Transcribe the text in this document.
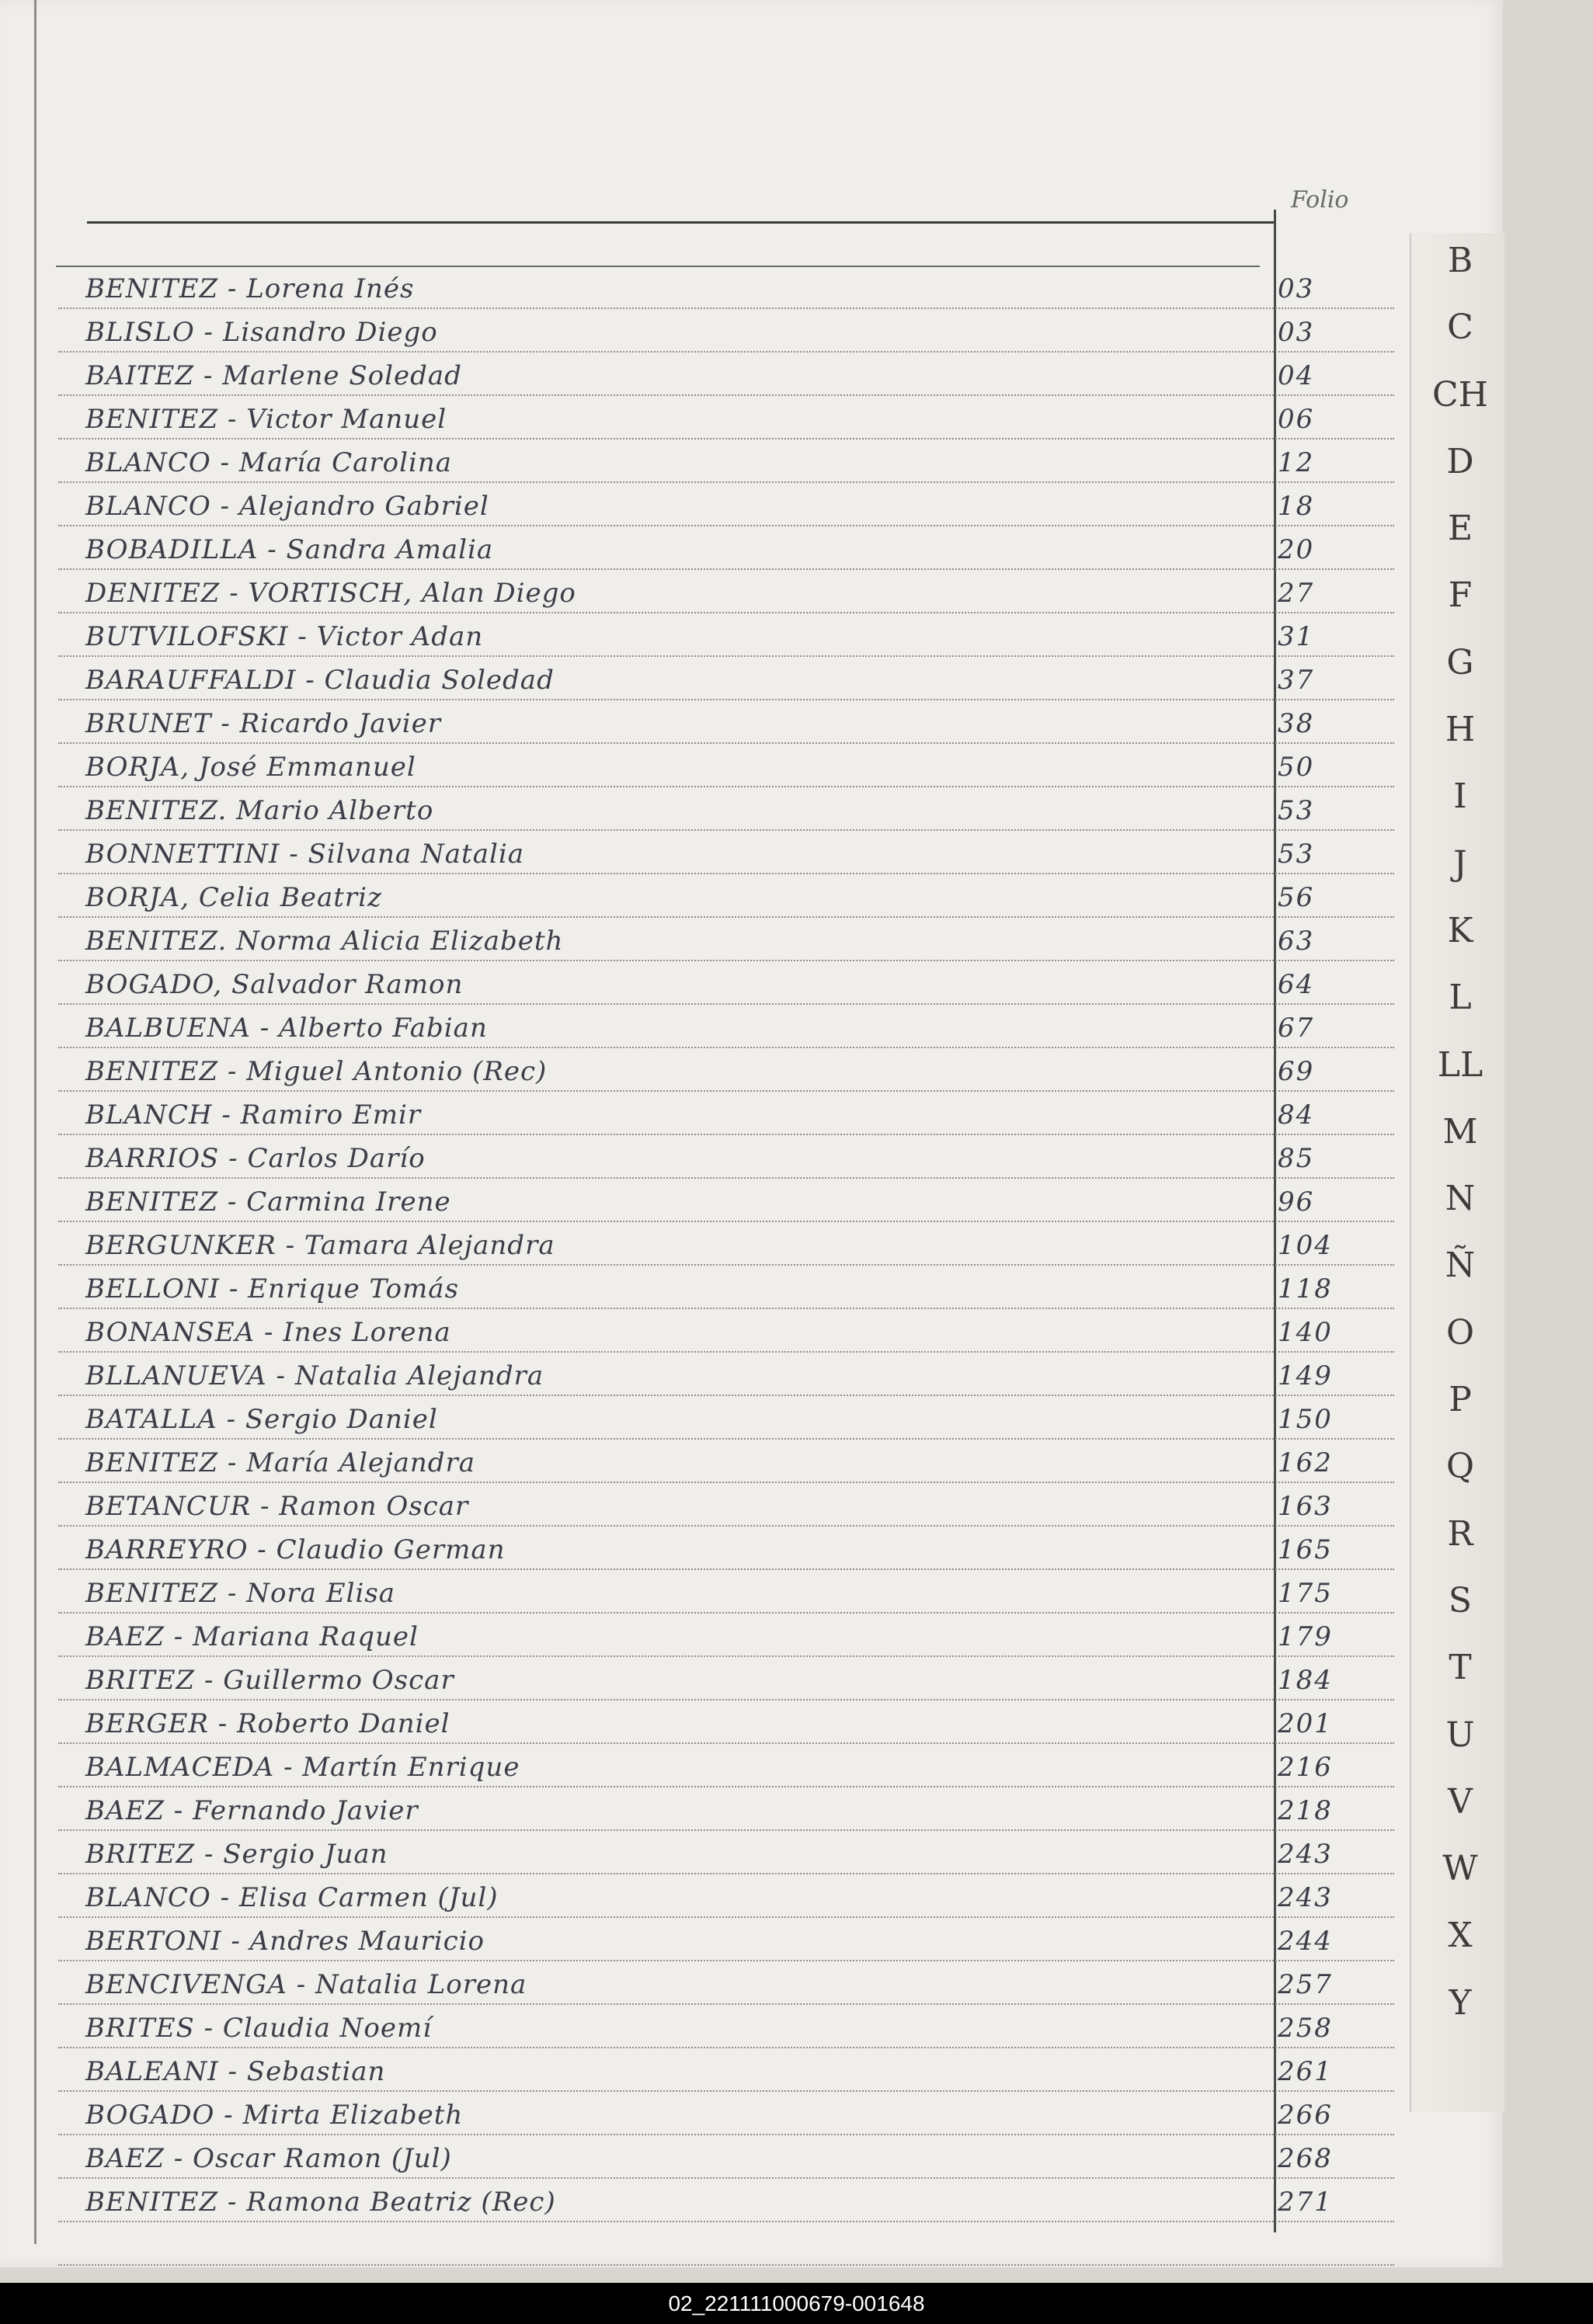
Folio
BENITEZ - Lorena Inés	03
BLISLO - Lisandro Diego	03
BAITEZ - Marlene Soledad	04
BENITEZ - Victor Manuel	06
BLANCO - María Carolina	12
BLANCO - Alejandro Gabriel	18
BOBADILLA - Sandra Amalia	20
DENITEZ - VORTISCH, Alan Diego	27
BUTVILOFSKI - Victor Adan	31
BARAUFFALDI - Claudia Soledad	37
BRUNET - Ricardo Javier	38
BORJA, José Emmanuel	50
BENITEZ. Mario Alberto	53
BONNETTINI - Silvana Natalia	53
BORJA, Celia Beatriz	56
BENITEZ. Norma Alicia Elizabeth	63
BOGADO, Salvador Ramon	64
BALBUENA - Alberto Fabian	67
BENITEZ - Miguel Antonio (Rec)	69
BLANCH - Ramiro Emir	84
BARRIOS - Carlos Darío	85
BENITEZ - Carmina Irene	96
BERGUNKER - Tamara Alejandra	104
BELLONI - Enrique Tomás	118
BONANSEA - Ines Lorena	140
BLLANUEVA - Natalia Alejandra	149
BATALLA - Sergio Daniel	150
BENITEZ - María Alejandra	162
BETANCUR - Ramon Oscar	163
BARREYRO - Claudio German	165
BENITEZ - Nora Elisa	175
BAEZ - Mariana Raquel	179
BRITEZ - Guillermo Oscar	184
BERGER - Roberto Daniel	201
BALMACEDA - Martín Enrique	216
BAEZ - Fernando Javier	218
BRITEZ - Sergio Juan	243
BLANCO - Elisa Carmen (Jul)	243
BERTONI - Andres Mauricio	244
BENCIVENGA - Natalia Lorena	257
BRITES - Claudia Noemí	258
BALEANI - Sebastian	261
BOGADO - Mirta Elizabeth	266
BAEZ - Oscar Ramon (Jul)	268
BENITEZ - Ramona Beatriz (Rec)	271
B
C
CH
D
E
F
G
H
I
J
K
L
LL
M
N
Ñ
O
P
Q
R
S
T
U
V
W
X
Y
02_221111000679-001648
